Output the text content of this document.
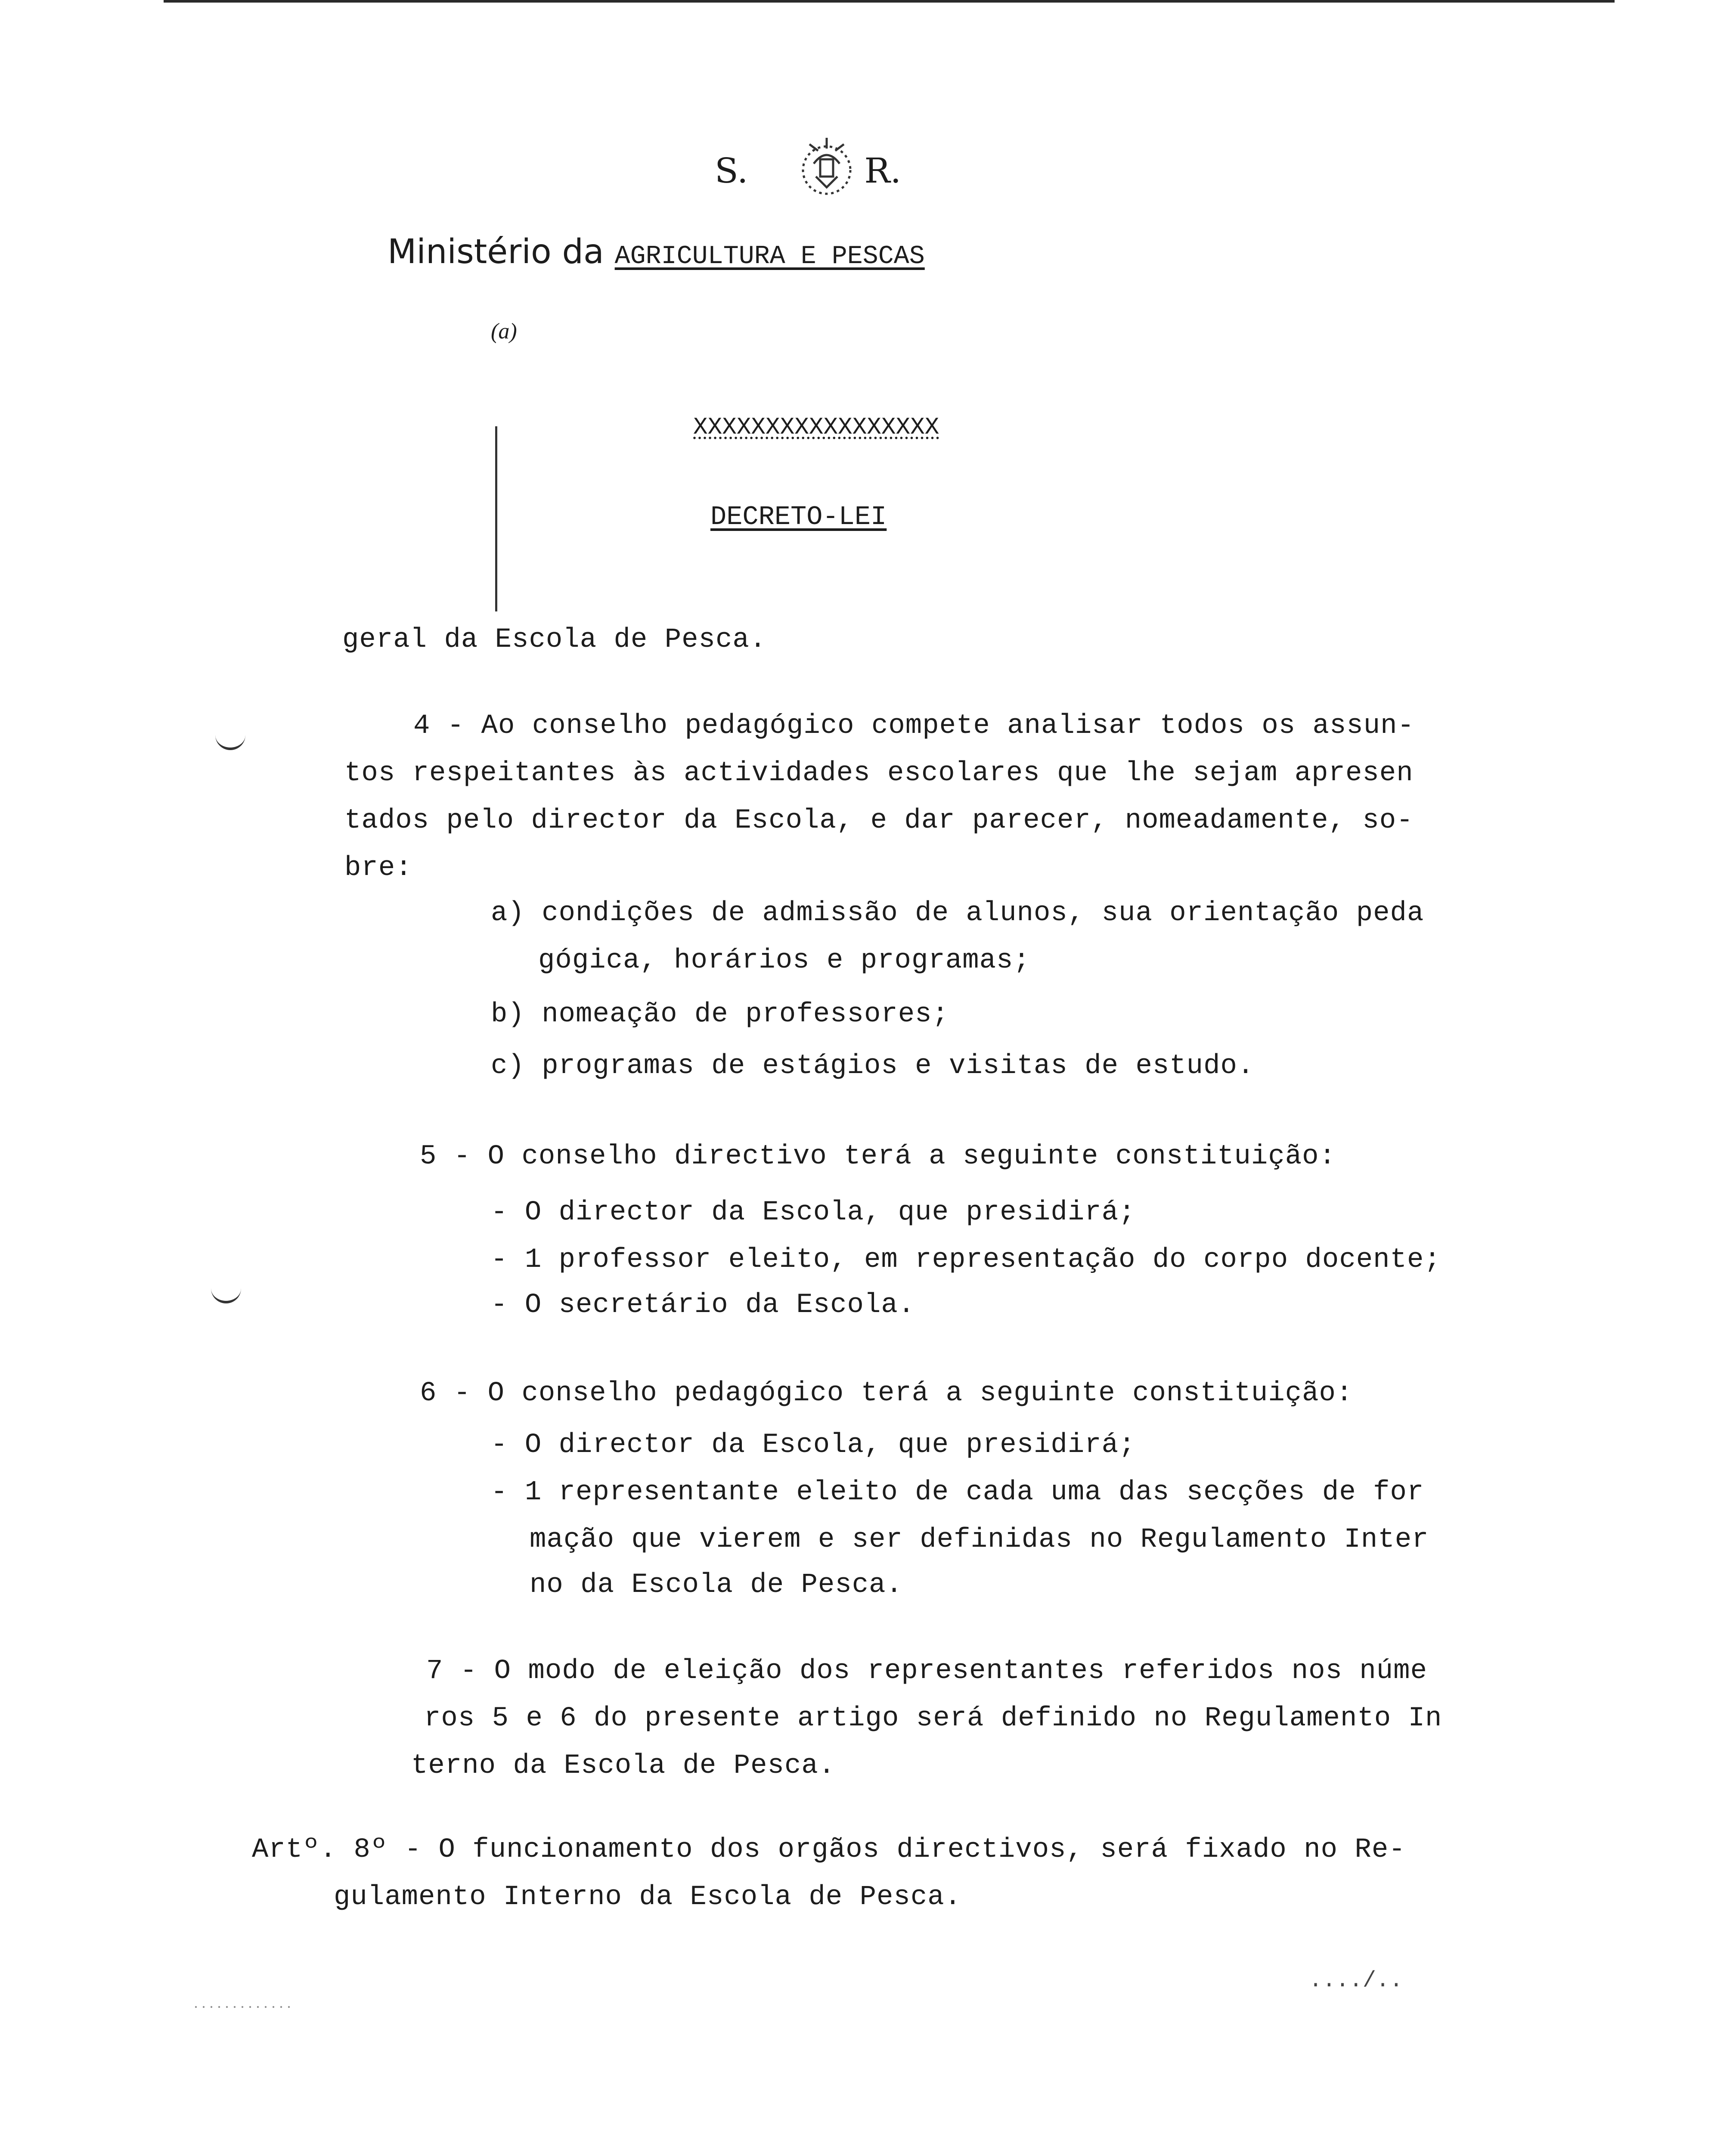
S.	R.
Ministério da AGRICULTURA E PESCAS
(a)
XXXXXXXXXXXXXXXXX
DECRETO-LEI
geral da Escola de Pesca.
4 - Ao conselho pedagógico compete analisar todos os assun-
tos respeitantes às actividades escolares que lhe sejam apresen
tados pelo director da Escola, e dar parecer, nomeadamente, so-
bre:
a) condições de admissão de alunos, sua orientação peda
gógica, horários e programas;
b) nomeação de professores;
c) programas de estágios e visitas de estudo.
5 - O conselho directivo terá a seguinte constituição:
- O director da Escola, que presidirá;
- 1 professor eleito, em representação do corpo docente;
- O secretário da Escola.
6 - O conselho pedagógico terá a seguinte constituição:
- O director da Escola, que presidirá;
- 1 representante eleito de cada uma das secções de for
mação que vierem e ser definidas no Regulamento Inter
no da Escola de Pesca.
7 - O modo de eleição dos representantes referidos nos núme
ros 5 e 6 do presente artigo será definido no Regulamento In
terno da Escola de Pesca.
Artº. 8º - O funcionamento dos orgãos directivos, será fixado no Re-
gulamento Interno da Escola de Pesca.
· · · · · · · · · · · · ·
..../..
